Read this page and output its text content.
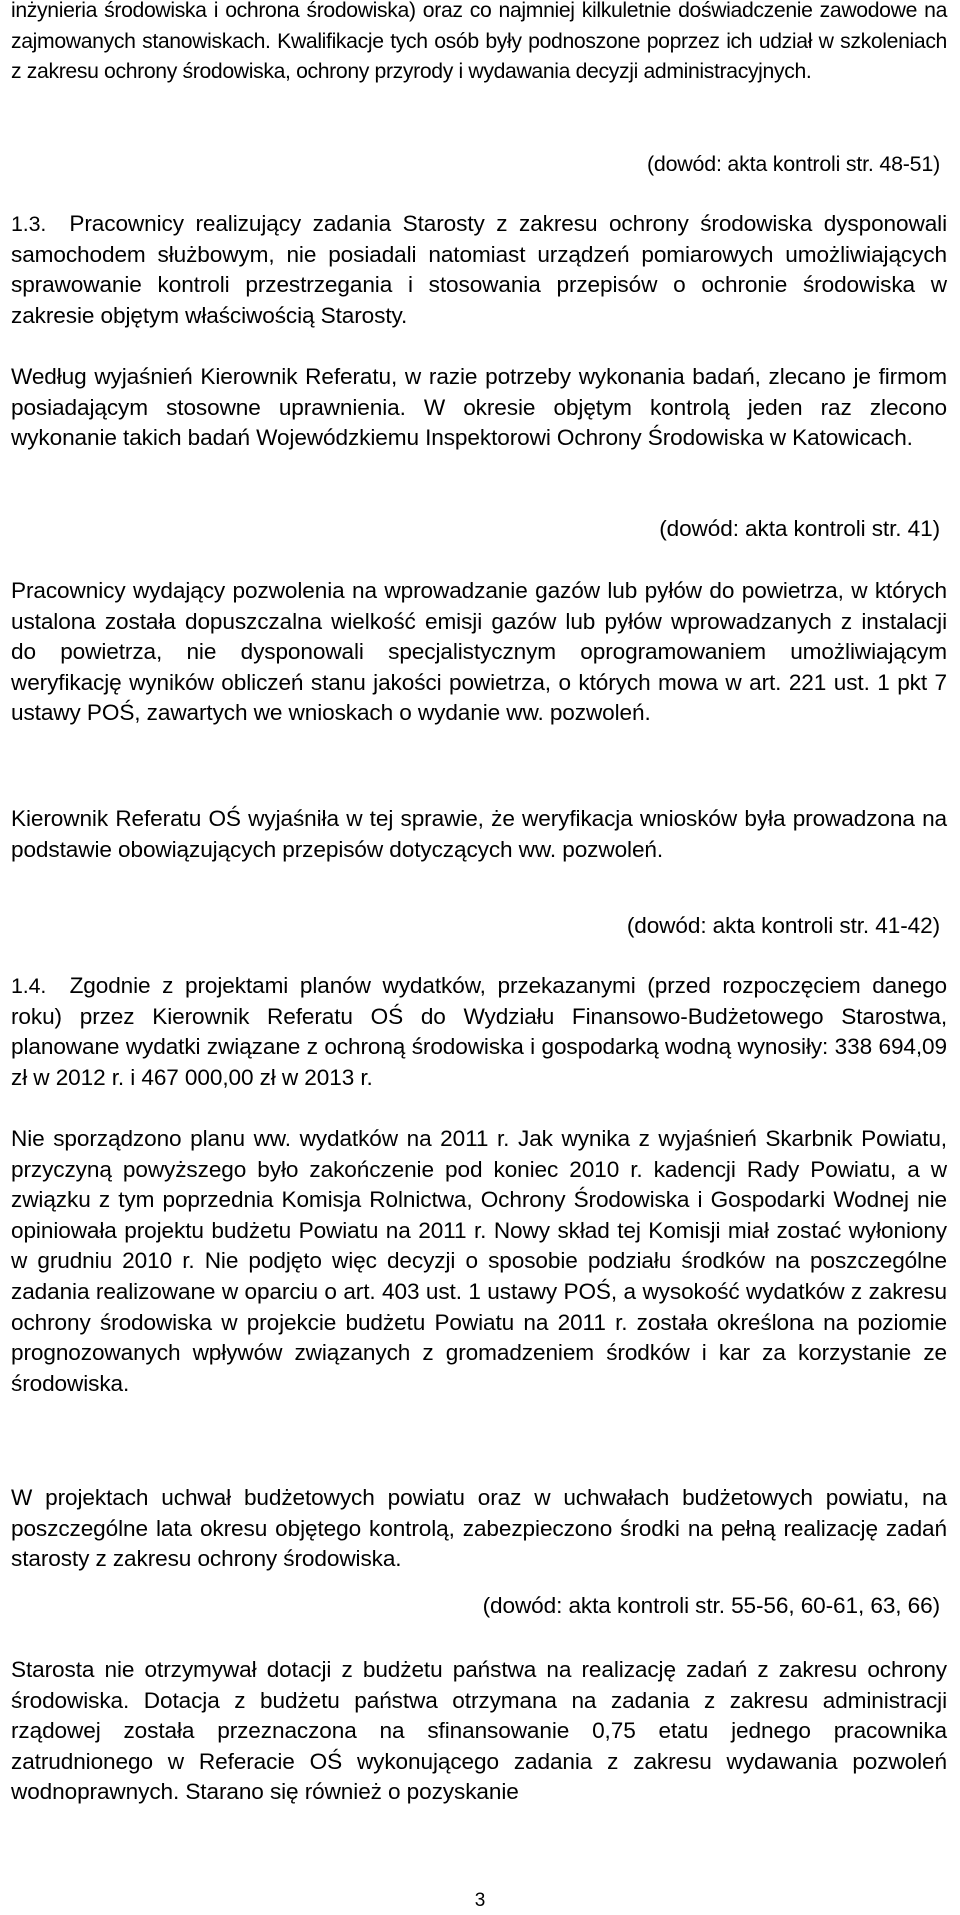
inżynieria środowiska i ochrona środowiska) oraz co najmniej kilkuletnie doświadczenie zawodowe na zajmowanych stanowiskach. Kwalifikacje tych osób były podnoszone poprzez ich udział w szkoleniach z zakresu ochrony środowiska, ochrony przyrody i wydawania decyzji administracyjnych.

(dowód: akta kontroli str. 48-51)

1.3. Pracownicy realizujący zadania Starosty z zakresu ochrony środowiska dysponowali samochodem służbowym, nie posiadali natomiast urządzeń pomiarowych umożliwiających sprawowanie kontroli przestrzegania i stosowania przepisów o ochronie środowiska w zakresie objętym właściwością Starosty.

Według wyjaśnień Kierownik Referatu, w razie potrzeby wykonania badań, zlecano je firmom posiadającym stosowne uprawnienia. W okresie objętym kontrolą jeden raz zlecono wykonanie takich badań Wojewódzkiemu Inspektorowi Ochrony Środowiska w Katowicach.

(dowód: akta kontroli str. 41)

Pracownicy wydający pozwolenia na wprowadzanie gazów lub pyłów do powietrza, w których ustalona została dopuszczalna wielkość emisji gazów lub pyłów wprowadzanych z instalacji do powietrza, nie dysponowali specjalistycznym oprogramowaniem umożliwiającym weryfikację wyników obliczeń stanu jakości powietrza, o których mowa w art. 221 ust. 1 pkt 7 ustawy POŚ, zawartych we wnioskach o wydanie ww. pozwoleń.

Kierownik Referatu OŚ wyjaśniła w tej sprawie, że weryfikacja wniosków była prowadzona na podstawie obowiązujących przepisów dotyczących ww. pozwoleń.

(dowód: akta kontroli str. 41-42)

1.4. Zgodnie z projektami planów wydatków, przekazanymi (przed rozpoczęciem danego roku) przez Kierownik Referatu OŚ do Wydziału Finansowo-Budżetowego Starostwa, planowane wydatki związane z ochroną środowiska i gospodarką wodną wynosiły: 338 694,09 zł w 2012 r. i 467 000,00 zł w 2013 r.

Nie sporządzono planu ww. wydatków na 2011 r. Jak wynika z wyjaśnień Skarbnik Powiatu, przyczyną powyższego było zakończenie pod koniec 2010 r. kadencji Rady Powiatu, a w związku z tym poprzednia Komisja Rolnictwa, Ochrony Środowiska i Gospodarki Wodnej nie opiniowała projektu budżetu Powiatu na 2011 r. Nowy skład tej Komisji miał zostać wyłoniony w grudniu 2010 r. Nie podjęto więc decyzji o sposobie podziału środków na poszczególne zadania realizowane w oparciu o art. 403 ust. 1 ustawy POŚ, a wysokość wydatków z zakresu ochrony środowiska w projekcie budżetu Powiatu na 2011 r. została określona na poziomie prognozowanych wpływów związanych z gromadzeniem środków i kar za korzystanie ze środowiska.

W projektach uchwał budżetowych powiatu oraz w uchwałach budżetowych powiatu, na poszczególne lata okresu objętego kontrolą, zabezpieczono środki na pełną realizację zadań starosty z zakresu ochrony środowiska.

(dowód: akta kontroli str. 55-56, 60-61, 63, 66)

Starosta nie otrzymywał dotacji z budżetu państwa na realizację zadań z zakresu ochrony środowiska. Dotacja z budżetu państwa otrzymana na zadania z zakresu administracji rządowej została przeznaczona na sfinansowanie 0,75 etatu jednego pracownika zatrudnionego w Referacie OŚ wykonującego zadania z zakresu wydawania pozwoleń wodnoprawnych. Starano się również o pozyskanie

3
